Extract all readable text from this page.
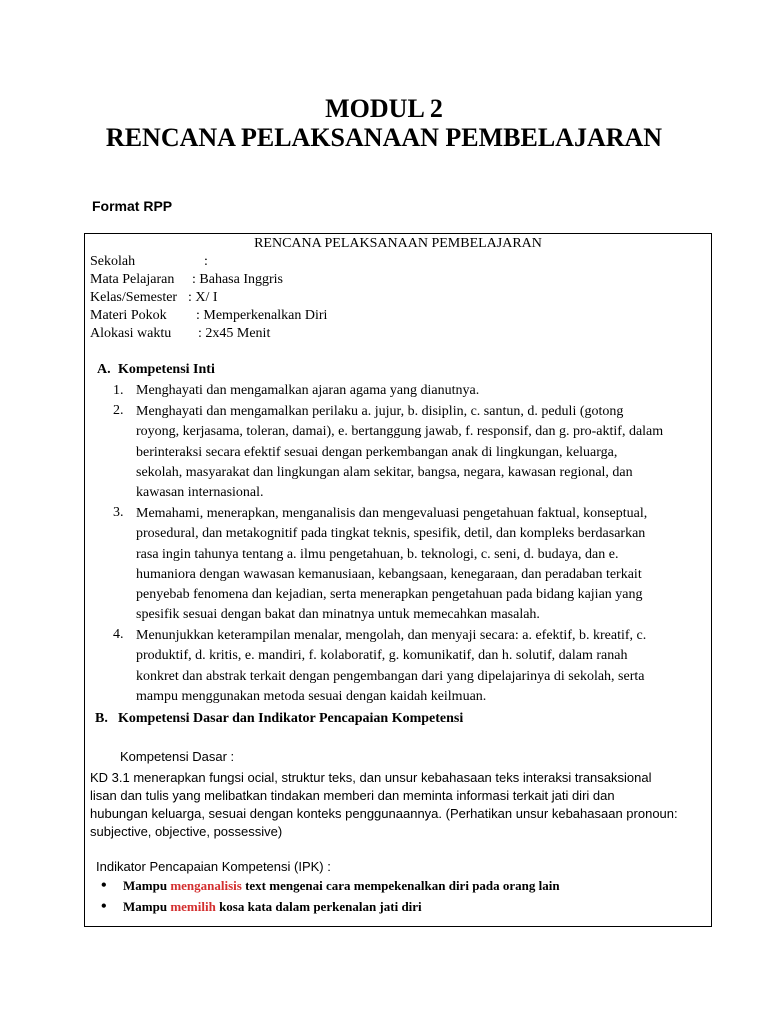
MODUL 2
RENCANA PELAKSANAAN PEMBELAJARAN
Format RPP
RENCANA PELAKSANAAN PEMBELAJARAN
Sekolah	:
Mata Pelajaran : Bahasa Inggris
Kelas/Semester : X/ I
Materi Pokok : Memperkenalkan Diri
Alokasi waktu : 2x45 Menit
A. Kompetensi Inti
1. Menghayati dan mengamalkan ajaran agama yang dianutnya.
2. Menghayati dan mengamalkan perilaku a. jujur, b. disiplin, c. santun, d. peduli (gotong
royong, kerjasama, toleran, damai), e. bertanggung jawab, f. responsif, dan g. pro-aktif, dalam
berinteraksi secara efektif sesuai dengan perkembangan anak di lingkungan, keluarga,
sekolah, masyarakat dan lingkungan alam sekitar, bangsa, negara, kawasan regional, dan
kawasan internasional.
3. Memahami, menerapkan, menganalisis dan mengevaluasi pengetahuan faktual, konseptual,
prosedural, dan metakognitif pada tingkat teknis, spesifik, detil, dan kompleks berdasarkan
rasa ingin tahunya tentang a. ilmu pengetahuan, b. teknologi, c. seni, d. budaya, dan e.
humaniora dengan wawasan kemanusiaan, kebangsaan, kenegaraan, dan peradaban terkait
penyebab fenomena dan kejadian, serta menerapkan pengetahuan pada bidang kajian yang
spesifik sesuai dengan bakat dan minatnya untuk memecahkan masalah.
4. Menunjukkan keterampilan menalar, mengolah, dan menyaji secara: a. efektif, b. kreatif, c.
produktif, d. kritis, e. mandiri, f. kolaboratif, g. komunikatif, dan h. solutif, dalam ranah
konkret dan abstrak terkait dengan pengembangan dari yang dipelajarinya di sekolah, serta
mampu menggunakan metoda sesuai dengan kaidah keilmuan.
B. Kompetensi Dasar dan Indikator Pencapaian Kompetensi
Kompetensi Dasar :
KD 3.1 menerapkan fungsi ocial, struktur teks, dan unsur kebahasaan teks interaksi transaksional
lisan dan tulis yang melibatkan tindakan memberi dan meminta informasi terkait jati diri dan
hubungan keluarga, sesuai dengan konteks penggunaannya. (Perhatikan unsur kebahasaan pronoun:
subjective, objective, possessive)
Indikator Pencapaian Kompetensi (IPK) :
• Mampu menganalisis text mengenai cara mempekenalkan diri pada orang lain
• Mampu memilih kosa kata dalam perkenalan jati diri
